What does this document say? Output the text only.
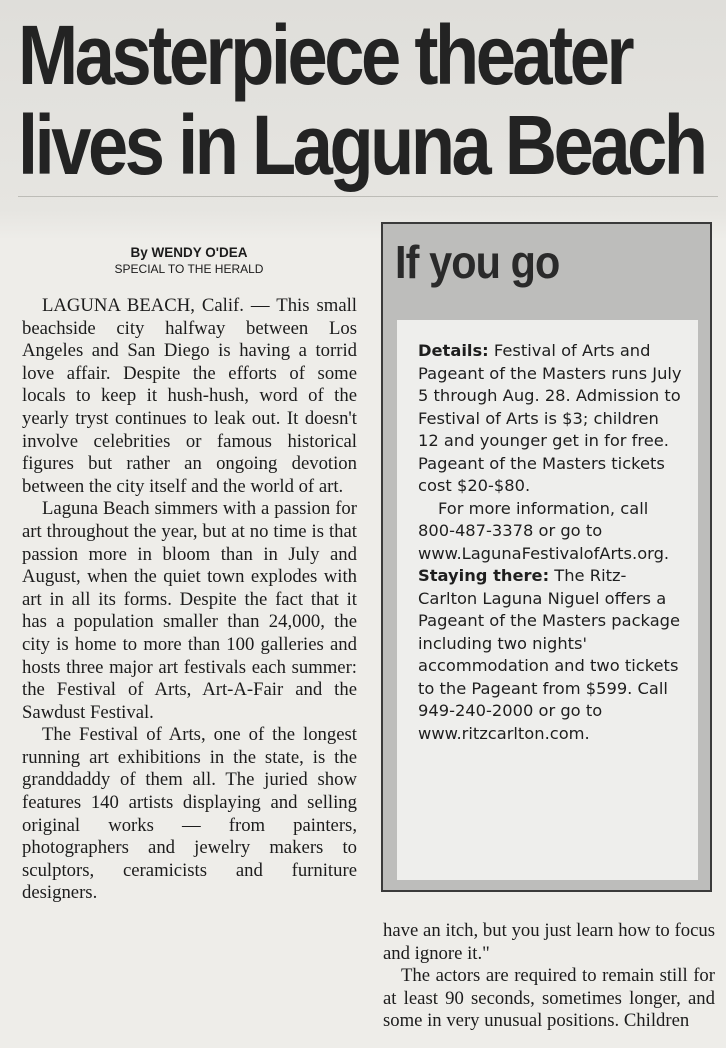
Masterpiece theater
lives in Laguna Beach
By WENDY O'DEA
SPECIAL TO THE HERALD

LAGUNA BEACH, Calif. — This small beachside city halfway between Los Angeles and San Diego is having a torrid love affair. Despite the efforts of some locals to keep it hush-hush, word of the yearly tryst continues to leak out. It doesn't involve celebrities or famous historical figures but rather an ongoing devotion between the city itself and the world of art.

Laguna Beach simmers with a passion for art throughout the year, but at no time is that passion more in bloom than in July and August, when the quiet town explodes with art in all its forms. Despite the fact that it has a population smaller than 24,000, the city is home to more than 100 galleries and hosts three major art festivals each summer: the Festival of Arts, Art-A-Fair and the Sawdust Festival.

The Festival of Arts, one of the longest running art exhibitions in the state, is the granddaddy of them all. The juried show features 140 artists displaying and selling original works — from painters, photographers and jewelry makers to sculptors, ceramicists and furniture designers.

If you go

Details: Festival of Arts and Pageant of the Masters runs July 5 through Aug. 28. Admission to Festival of Arts is $3; children 12 and younger get in for free. Pageant of the Masters tickets cost $20-$80.

For more information, call 800-487-3378 or go to www.LagunaFestivalofArts.org.

Staying there: The Ritz-Carlton Laguna Niguel offers a Pageant of the Masters package including two nights' accommodation and two tickets to the Pageant from $599. Call 949-240-2000 or go to www.ritzcarlton.com.

have an itch, but you just learn how to focus and ignore it."

The actors are required to remain still for at least 90 seconds, sometimes longer, and some in very unusual positions. Children
